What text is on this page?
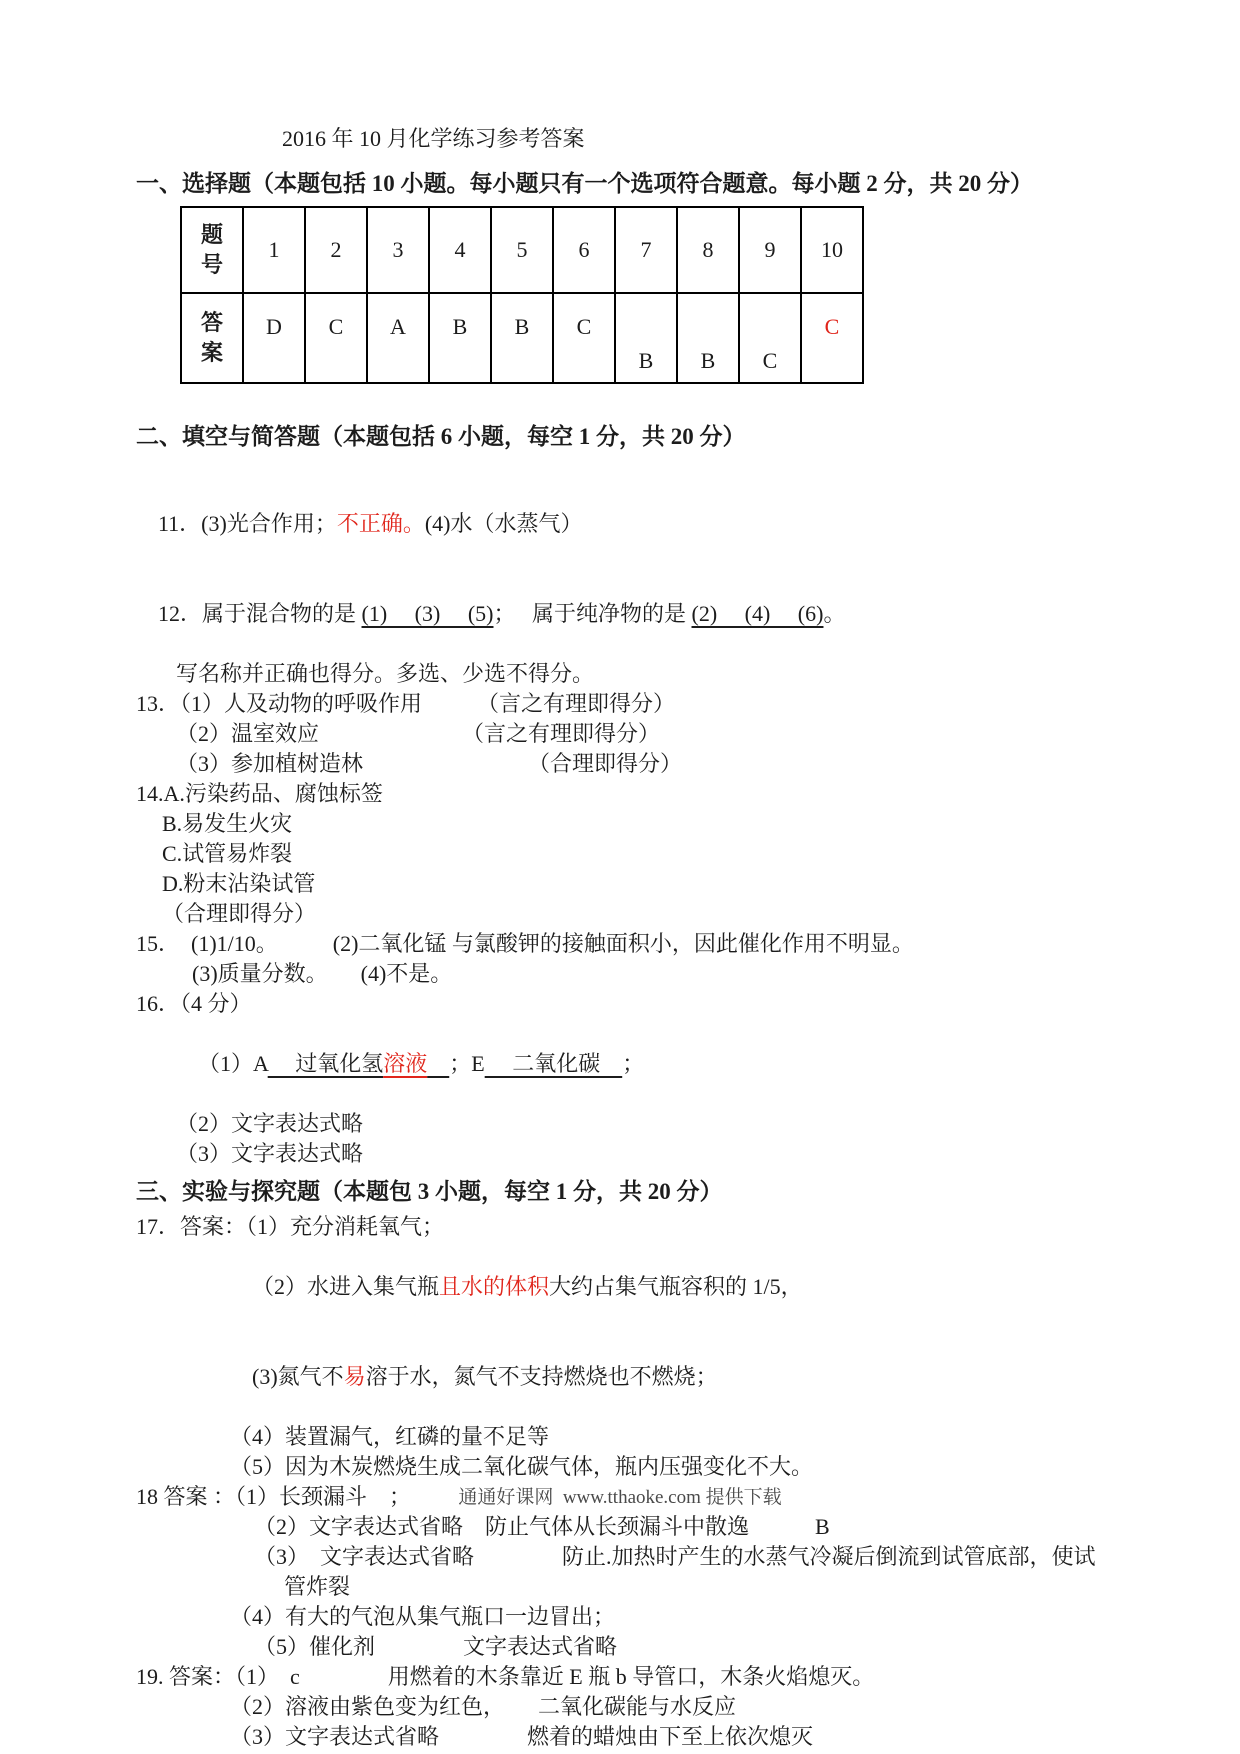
2016 年 10 月化学练习参考答案
一、选择题（本题包括 10 小题。每小题只有一个选项符合题意。每小题 2 分，共 20 分）
题号	1	2	3	4	5	6	7	8	9	10
答案	D	C	A	B	B	C	B	B	C	C
二、填空与简答题（本题包括 6 小题，每空 1 分，共 20 分）

11．(3)光合作用；不正确。(4)水（水蒸气）

12．属于混合物的是 (1)　 (3)　 (5)；　 属于纯净物的是 (2)　 (4)　 (6)。

写名称并正确也得分。多选、少选不得分。
13．（1）人及动物的呼吸作用　　　（言之有理即得分）
（2）温室效应　　　　　　　（言之有理即得分）
（3）参加植树造林　　　　　　　　（合理即得分）
14.A.污染药品、腐蚀标签
B.易发生火灾
C.试管易炸裂
D.粉末沾染试管
（合理即得分）
15．　(1)1/10。　　　(2)二氧化锰 与氯酸钾的接触面积小，因此催化作用不明显。
(3)质量分数。　　(4)不是。
16．（4 分）

（1）A　 过氧化氢溶液　 ；E　 二氧化碳　；

（2）文字表达式略
（3）文字表达式略
三、实验与探究题（本题包 3 小题，每空 1 分，共 20 分）
17．答案：（1）充分消耗氧气；

（2）水进入集气瓶且水的体积大约占集气瓶容积的 1/5，

(3)氮气不易溶于水，氮气不支持燃烧也不燃烧；

（4）装置漏气，红磷的量不足等
（5）因为木炭燃烧生成二氧化碳气体，瓶内压强变化不大。
18 答案 ：（1）长颈漏斗　；
（2）文字表达式省略　防止气体从长颈漏斗中散逸　　　B
（3）　文字表达式省略　　　　防止.加热时产生的水蒸气冷凝后倒流到试管底部，使试
管炸裂
（4）有大的气泡从集气瓶口一边冒出；
（5）催化剂　　　　文字表达式省略
19. 答案：（1）　c　　　　用燃着的木条靠近 E 瓶 b 导管口，木条火焰熄灭。
（2）溶液由紫色变为红色，　　二氧化碳能与水反应
（3）文字表达式省略　　　　燃着的蜡烛由下至上依次熄灭
通通好课网  www.tthaoke.com 提供下载
